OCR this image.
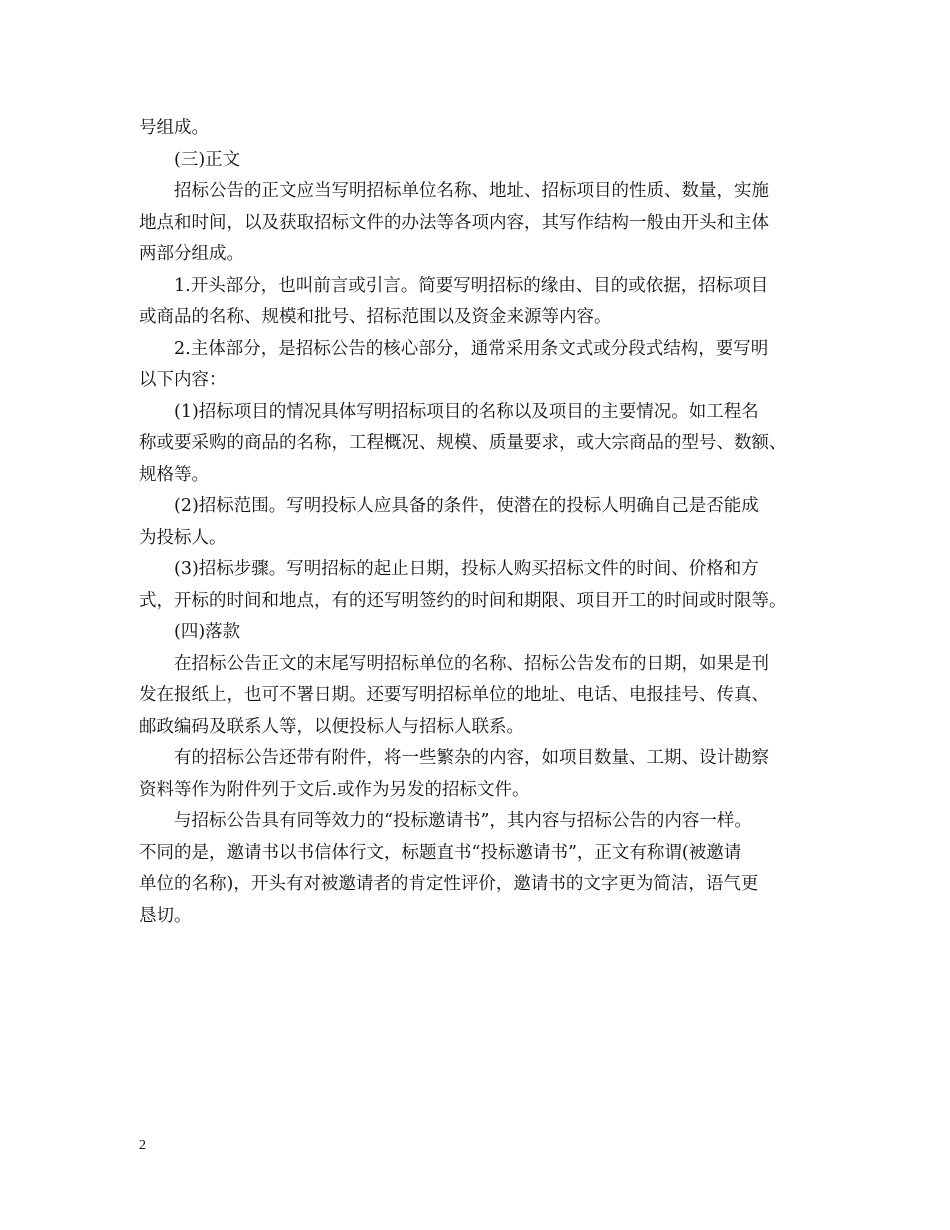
号组成。

(三)正文

招标公告的正文应当写明招标单位名称、地址、招标项目的性质、数量，实施
地点和时间，以及获取招标文件的办法等各项内容，其写作结构一般由开头和主体
两部分组成。

1.开头部分，也叫前言或引言。简要写明招标的缘由、目的或依据，招标项目
或商品的名称、规模和批号、招标范围以及资金来源等内容。

2.主体部分，是招标公告的核心部分，通常采用条文式或分段式结构，要写明
以下内容：

(1)招标项目的情况具体写明招标项目的名称以及项目的主要情况。如工程名
称或要采购的商品的名称，工程概况、规模、质量要求，或大宗商品的型号、数额、
规格等。

(2)招标范围。写明投标人应具备的条件，使潜在的投标人明确自己是否能成
为投标人。

(3)招标步骤。写明招标的起止日期，投标人购买招标文件的时间、价格和方
式，开标的时间和地点，有的还写明签约的时间和期限、项目开工的时间或时限等。

(四)落款

在招标公告正文的末尾写明招标单位的名称、招标公告发布的日期，如果是刊
发在报纸上，也可不署日期。还要写明招标单位的地址、电话、电报挂号、传真、
邮政编码及联系人等，以便投标人与招标人联系。

有的招标公告还带有附件，将一些繁杂的内容，如项目数量、工期、设计勘察
资料等作为附件列于文后.或作为另发的招标文件。

与招标公告具有同等效力的“投标邀请书”，其内容与招标公告的内容一样。
不同的是，邀请书以书信体行文，标题直书“投标邀请书”，正文有称谓(被邀请
单位的名称)，开头有对被邀请者的肯定性评价，邀请书的文字更为简洁，语气更
恳切。

2
